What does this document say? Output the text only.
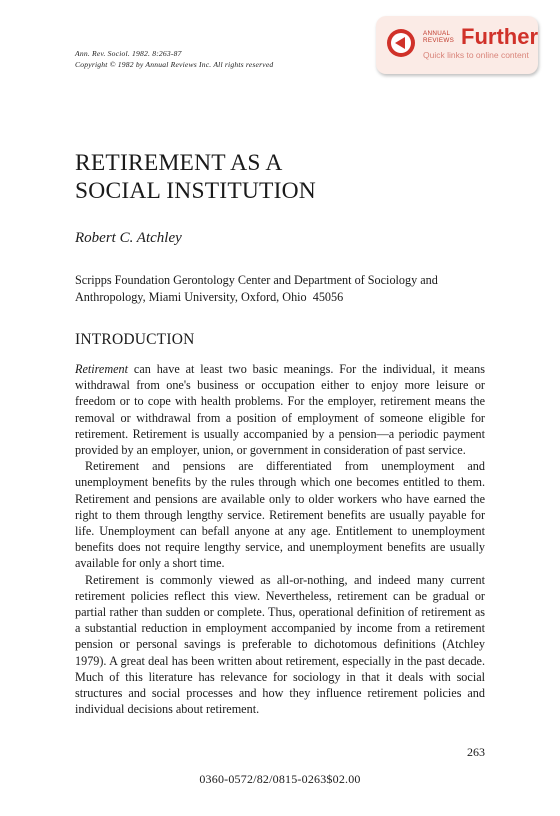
Ann. Rev. Sociol. 1982. 8:263-87
Copyright © 1982 by Annual Reviews Inc. All rights reserved
ANNUAL
REVIEWS Further
Quick links to online content
RETIREMENT AS A
SOCIAL INSTITUTION
Robert C. Atchley
Scripps Foundation Gerontology Center and Department of Sociology and
Anthropology, Miami University, Oxford, Ohio  45056
INTRODUCTION

Retirement can have at least two basic meanings. For the individual, it means withdrawal from one's business or occupation either to enjoy more leisure or freedom or to cope with health problems. For the employer, retirement means the removal or withdrawal from a position of employment of someone eligible for retirement. Retirement is usually accompanied by a pension—a periodic payment provided by an employer, union, or government in consideration of past service.

Retirement and pensions are differentiated from unemployment and unemployment benefits by the rules through which one becomes entitled to them. Retirement and pensions are available only to older workers who have earned the right to them through lengthy service. Retirement benefits are usually payable for life. Unemployment can befall anyone at any age. Entitlement to unemployment benefits does not require lengthy service, and unemployment benefits are usually available for only a short time.

Retirement is commonly viewed as all-or-nothing, and indeed many current retirement policies reflect this view. Nevertheless, retirement can be gradual or partial rather than sudden or complete. Thus, operational definition of retirement as a substantial reduction in employment accompanied by income from a retirement pension or personal savings is preferable to dichotomous definitions (Atchley 1979). A great deal has been written about retirement, especially in the past decade. Much of this literature has relevance for sociology in that it deals with social structures and social processes and how they influence retirement policies and individual decisions about retirement.

263
0360-0572/82/0815-0263$02.00
